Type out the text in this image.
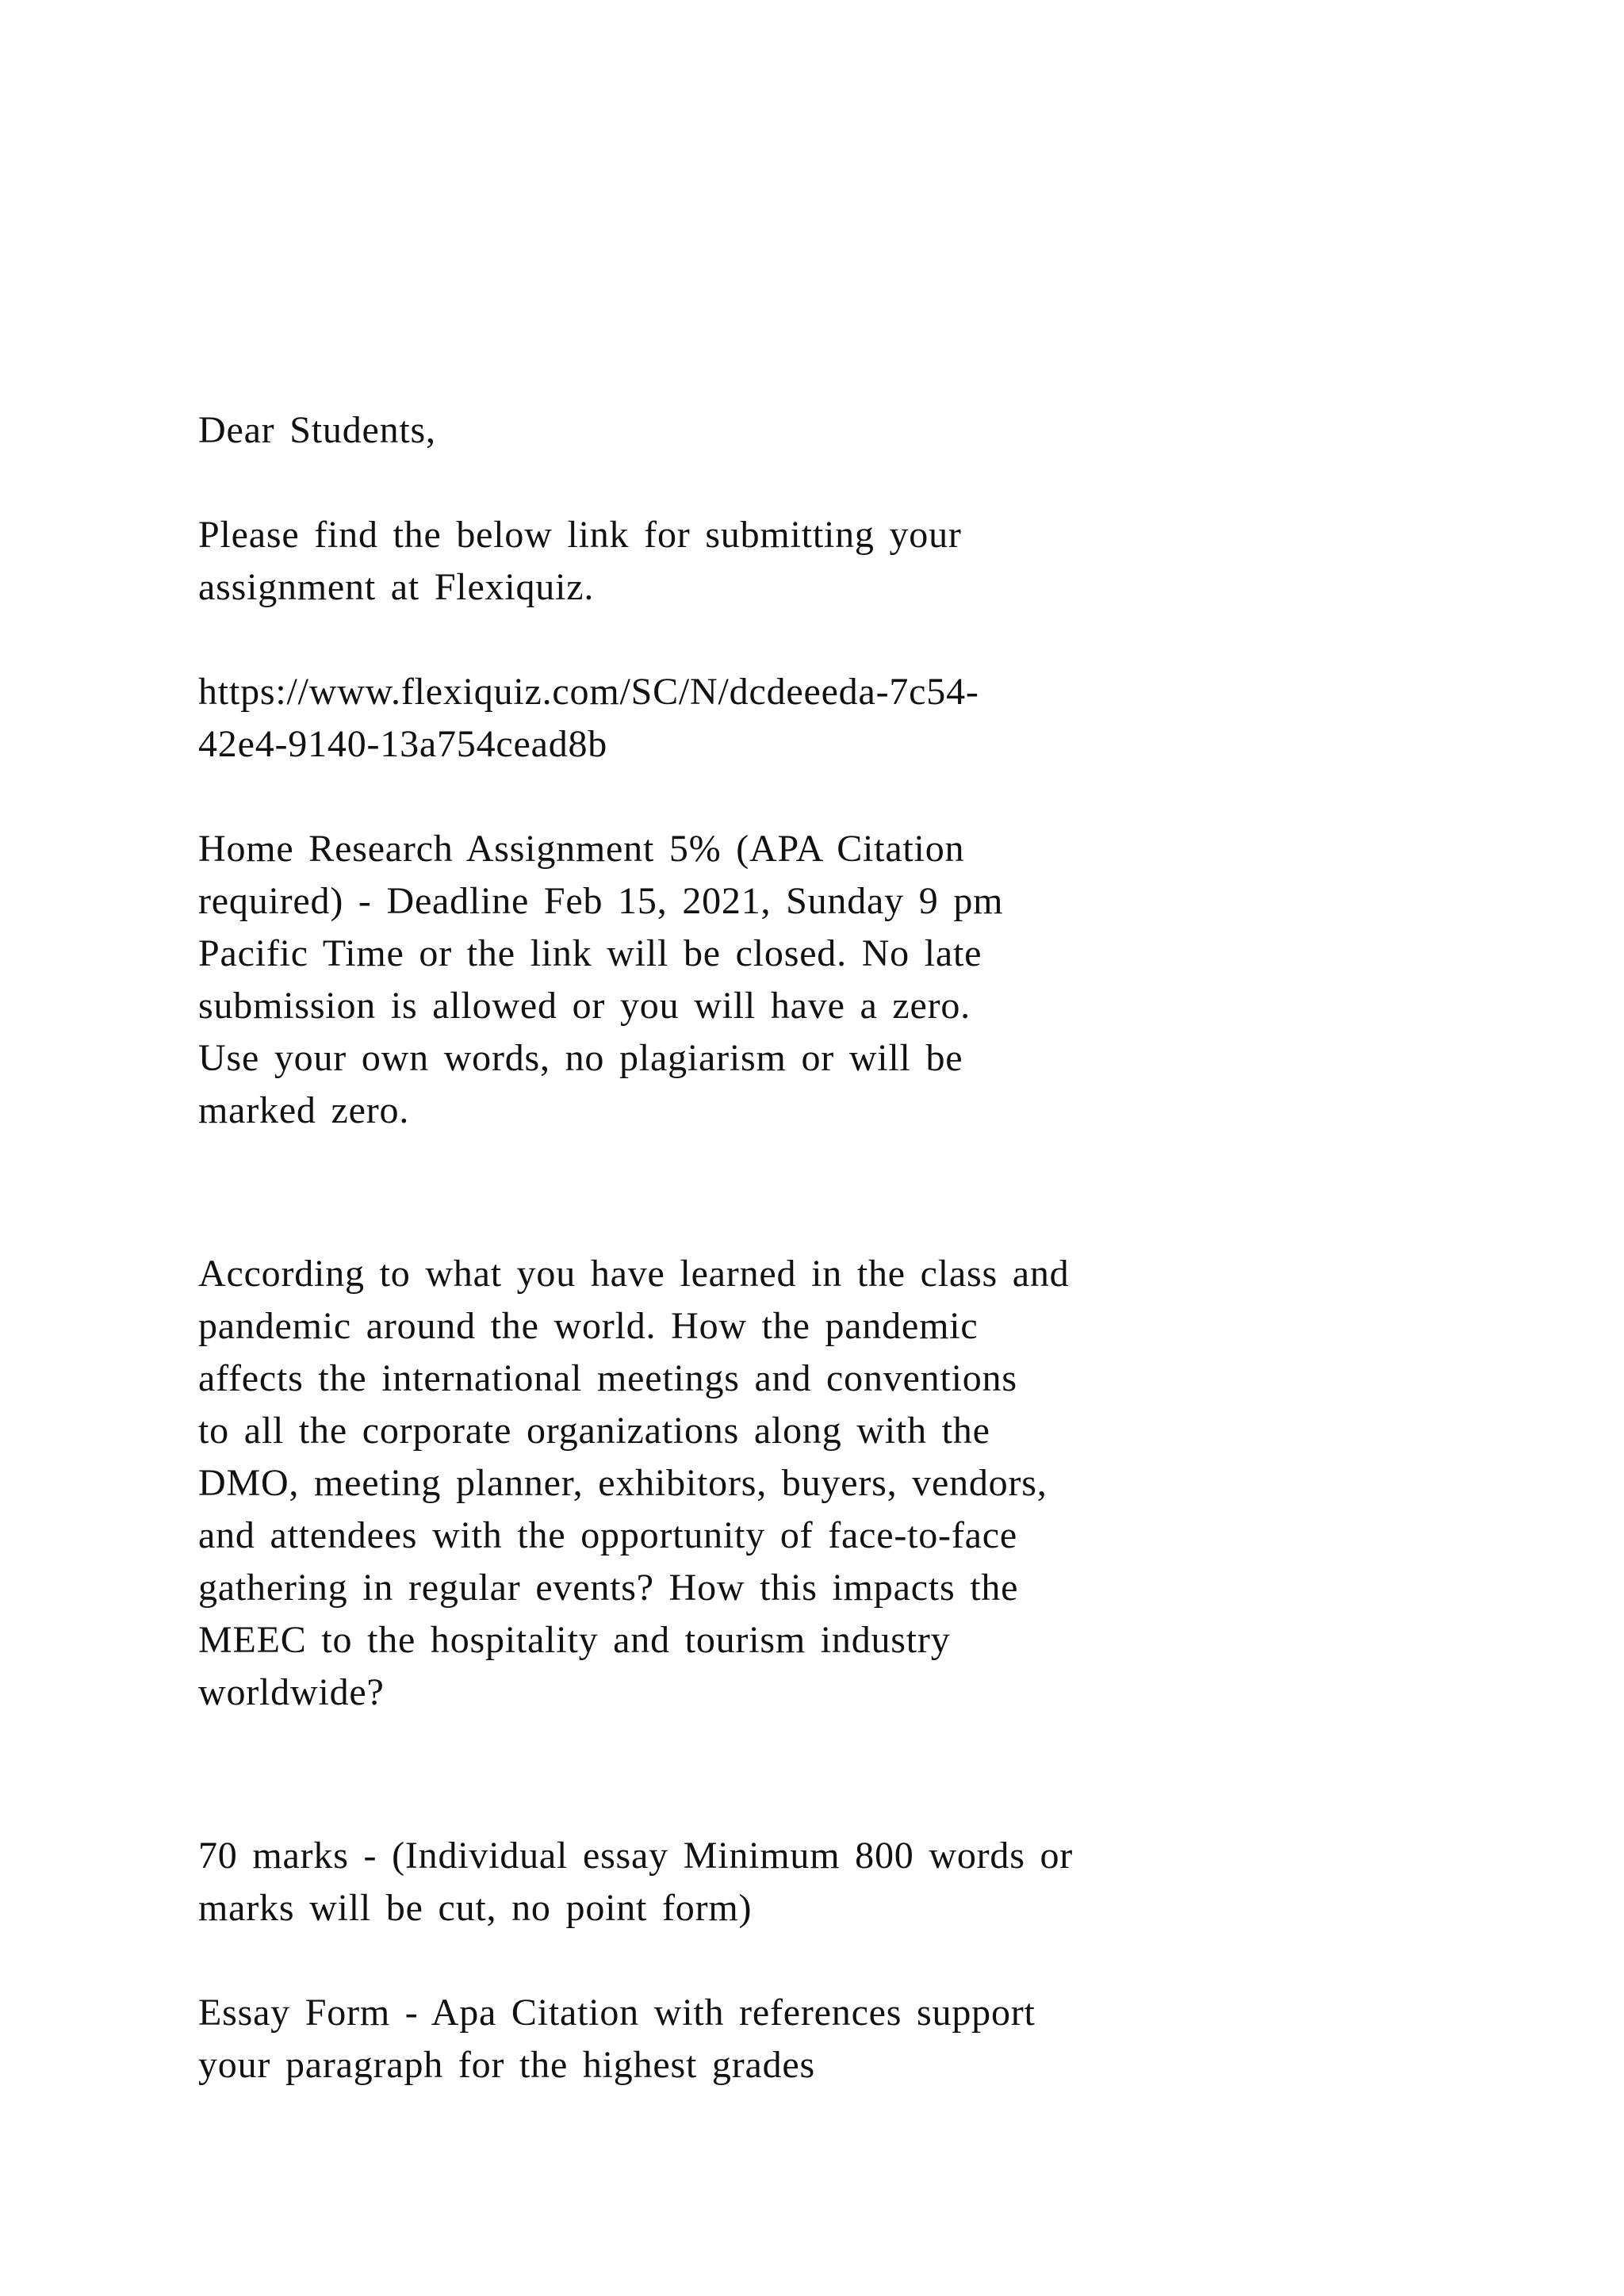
Dear Students,

Please find the below link for submitting your
assignment at Flexiquiz.

https://www.flexiquiz.com/SC/N/dcdeeeda-7c54-
42e4-9140-13a754cead8b

Home Research Assignment 5% (APA Citation
required) - Deadline Feb 15, 2021, Sunday 9 pm
Pacific Time or the link will be closed. No late
submission is allowed or you will have a zero.
Use your own words, no plagiarism or will be
marked zero.

According to what you have learned in the class and
pandemic around the world. How the pandemic
affects the international meetings and conventions
to all the corporate organizations along with the
DMO, meeting planner, exhibitors, buyers, vendors,
and attendees with the opportunity of face-to-face
gathering in regular events? How this impacts the
MEEC to the hospitality and tourism industry
worldwide?

70 marks - (Individual essay Minimum 800 words or
marks will be cut, no point form)

Essay Form - Apa Citation with references support
your paragraph for the highest grades
